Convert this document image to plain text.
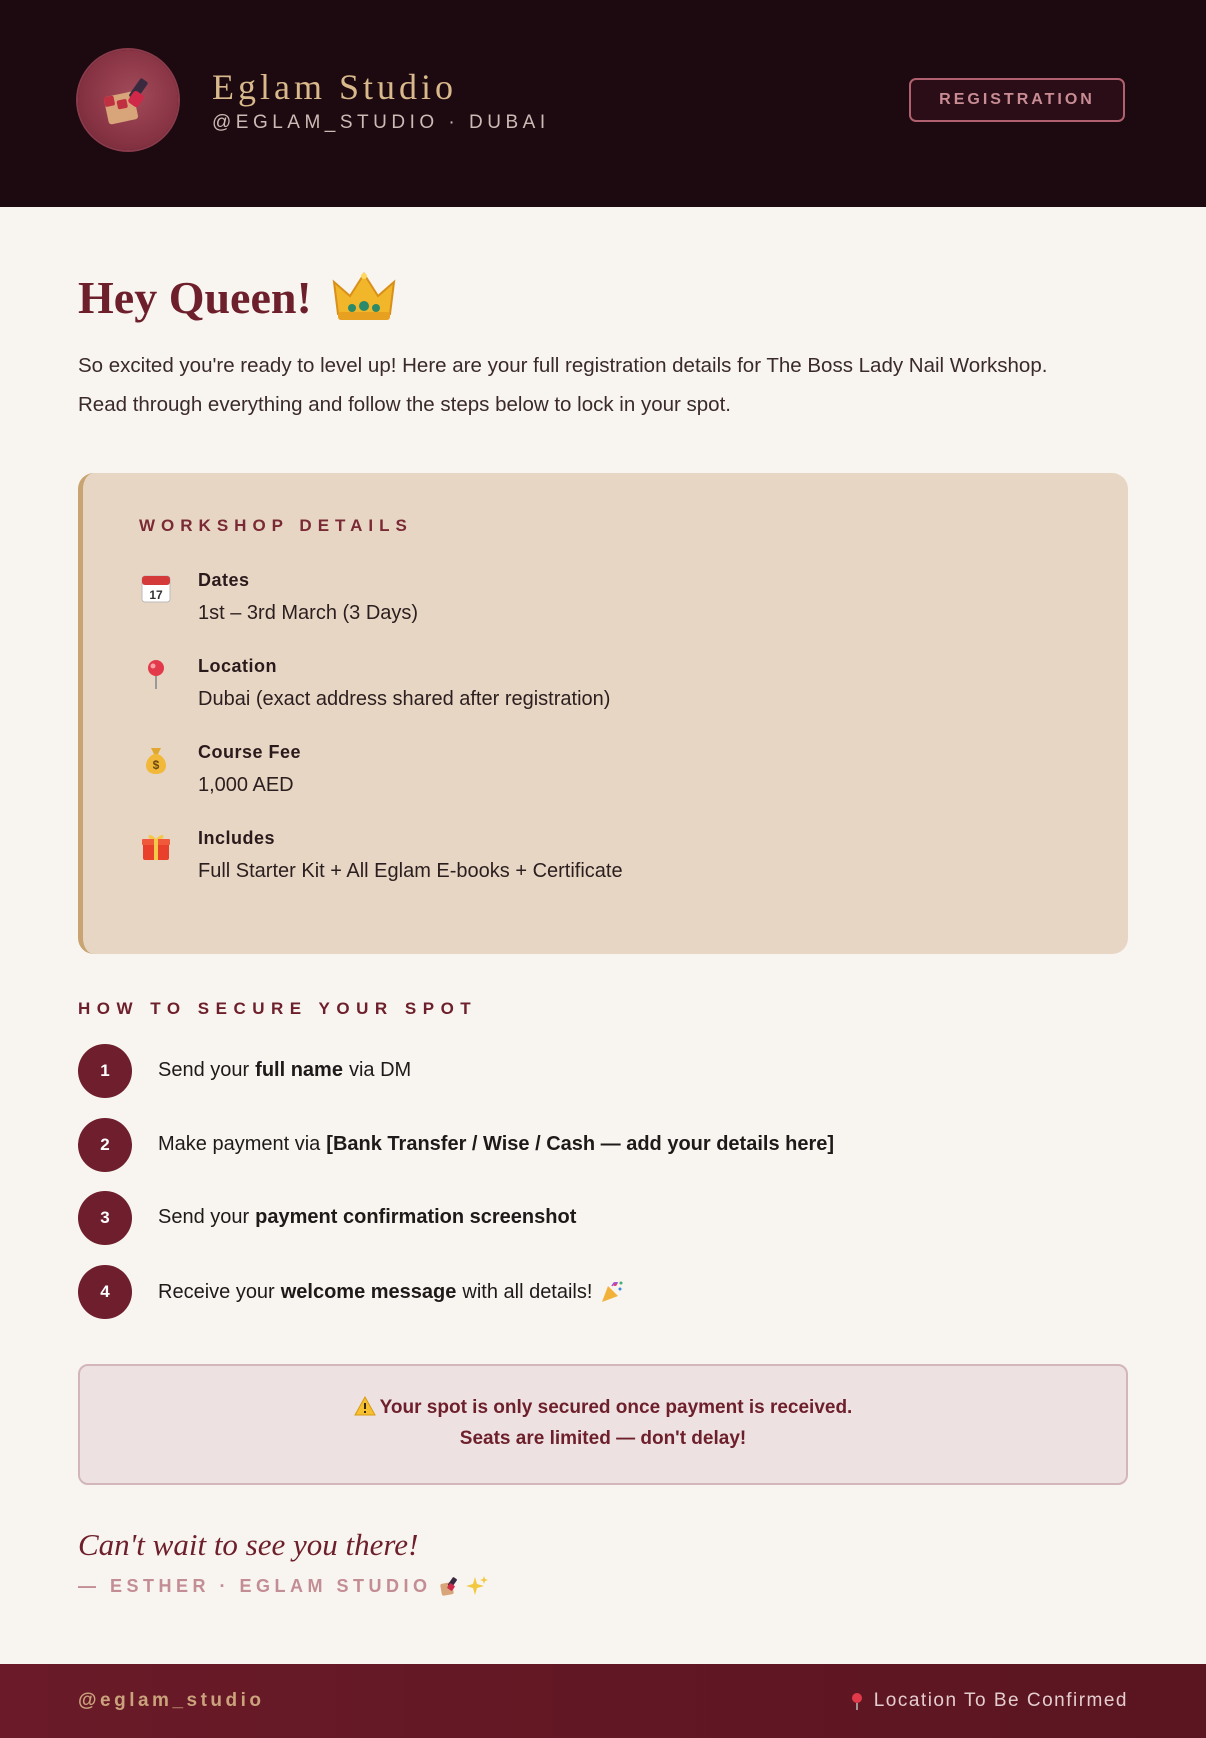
Eglam Studio
@EGLAM_STUDIO · DUBAI
REGISTRATION
Hey Queen!
So excited you're ready to level up! Here are your full registration details for The Boss Lady Nail Workshop.
Read through everything and follow the steps below to lock in your spot.
WORKSHOP DETAILS
17
Dates
1st – 3rd March (3 Days)
Location
Dubai (exact address shared after registration)
$
Course Fee
1,000 AED
Includes
Full Starter Kit + All Eglam E-books + Certificate
HOW TO SECURE YOUR SPOT
1	Send your full name via DM
2	Make payment via [Bank Transfer / Wise / Cash — add your details here]
3	Send your payment confirmation screenshot
4	Receive your welcome message with all details!
Your spot is only secured once payment is received.
Seats are limited — don't delay!
Can't wait to see you there!
— ESTHER · EGLAM STUDIO
@eglam_studio	Location To Be Confirmed
